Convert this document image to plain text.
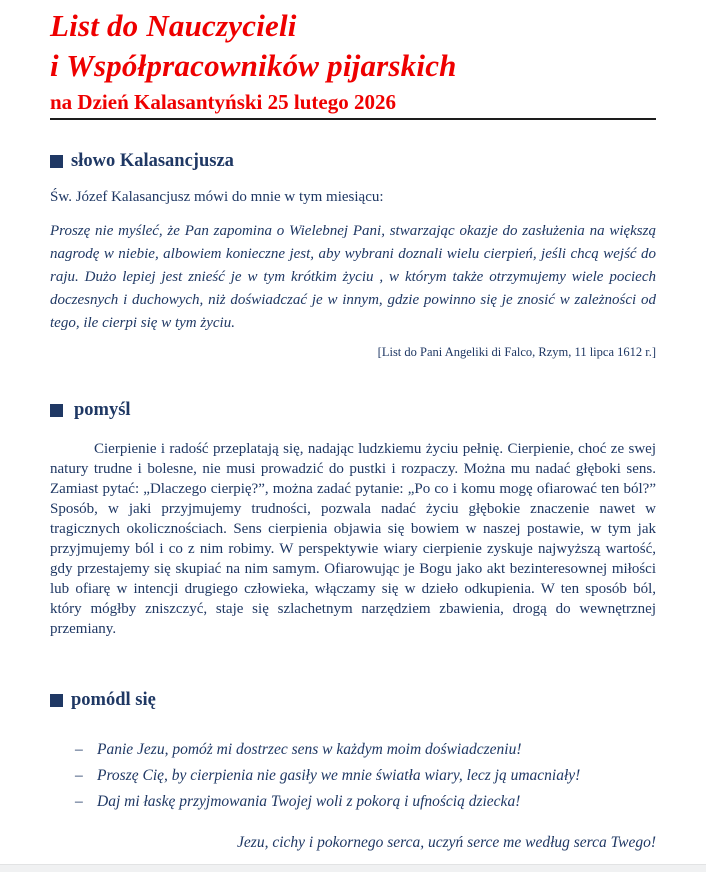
List do Nauczycieli
i Współpracowników pijarskich
na Dzień Kalasantyński 25 lutego 2026
słowo Kalasancjusza
Św. Józef Kalasancjusz mówi do mnie w tym miesiącu:
Proszę nie myśleć, że Pan zapomina o Wielebnej Pani, stwarzając okazje do zasłużenia na większą nagrodę w niebie, albowiem konieczne jest, aby wybrani doznali wielu cierpień, jeśli chcą wejść do raju. Dużo lepiej jest znieść je w tym krótkim życiu , w którym także otrzymujemy wiele pociech doczesnych i duchowych, niż doświadczać je w innym, gdzie powinno się je znosić w zależności od tego, ile cierpi się w tym życiu.
[List do Pani Angeliki di Falco, Rzym, 11 lipca 1612 r.]
pomyśl
Cierpienie i radość przeplatają się, nadając ludzkiemu życiu pełnię. Cierpienie, choć ze swej natury trudne i bolesne, nie musi prowadzić do pustki i rozpaczy. Można mu nadać głęboki sens. Zamiast pytać: „Dlaczego cierpię?”, można zadać pytanie: „Po co i komu mogę ofiarować ten ból?” Sposób, w jaki przyjmujemy trudności, pozwala nadać życiu głębokie znaczenie nawet w tragicznych okolicznościach. Sens cierpienia objawia się bowiem w naszej postawie, w tym jak przyjmujemy ból i co z nim robimy. W perspektywie wiary cierpienie zyskuje najwyższą wartość, gdy przestajemy się skupiać na nim samym. Ofiarowując je Bogu jako akt bezinteresownej miłości lub ofiarę w intencji drugiego człowieka, włączamy się w dzieło odkupienia. W ten sposób ból, który mógłby zniszczyć, staje się szlachetnym narzędziem zbawienia, drogą do wewnętrznej przemiany.
pomódl się
– Panie Jezu, pomóż mi dostrzec sens w każdym moim doświadczeniu!
– Proszę Cię, by cierpienia nie gasiły we mnie światła wiary, lecz ją umacniały!
– Daj mi łaskę przyjmowania Twojej woli z pokorą i ufnością dziecka!
Jezu, cichy i pokornego serca, uczyń serce me według serca Twego!
